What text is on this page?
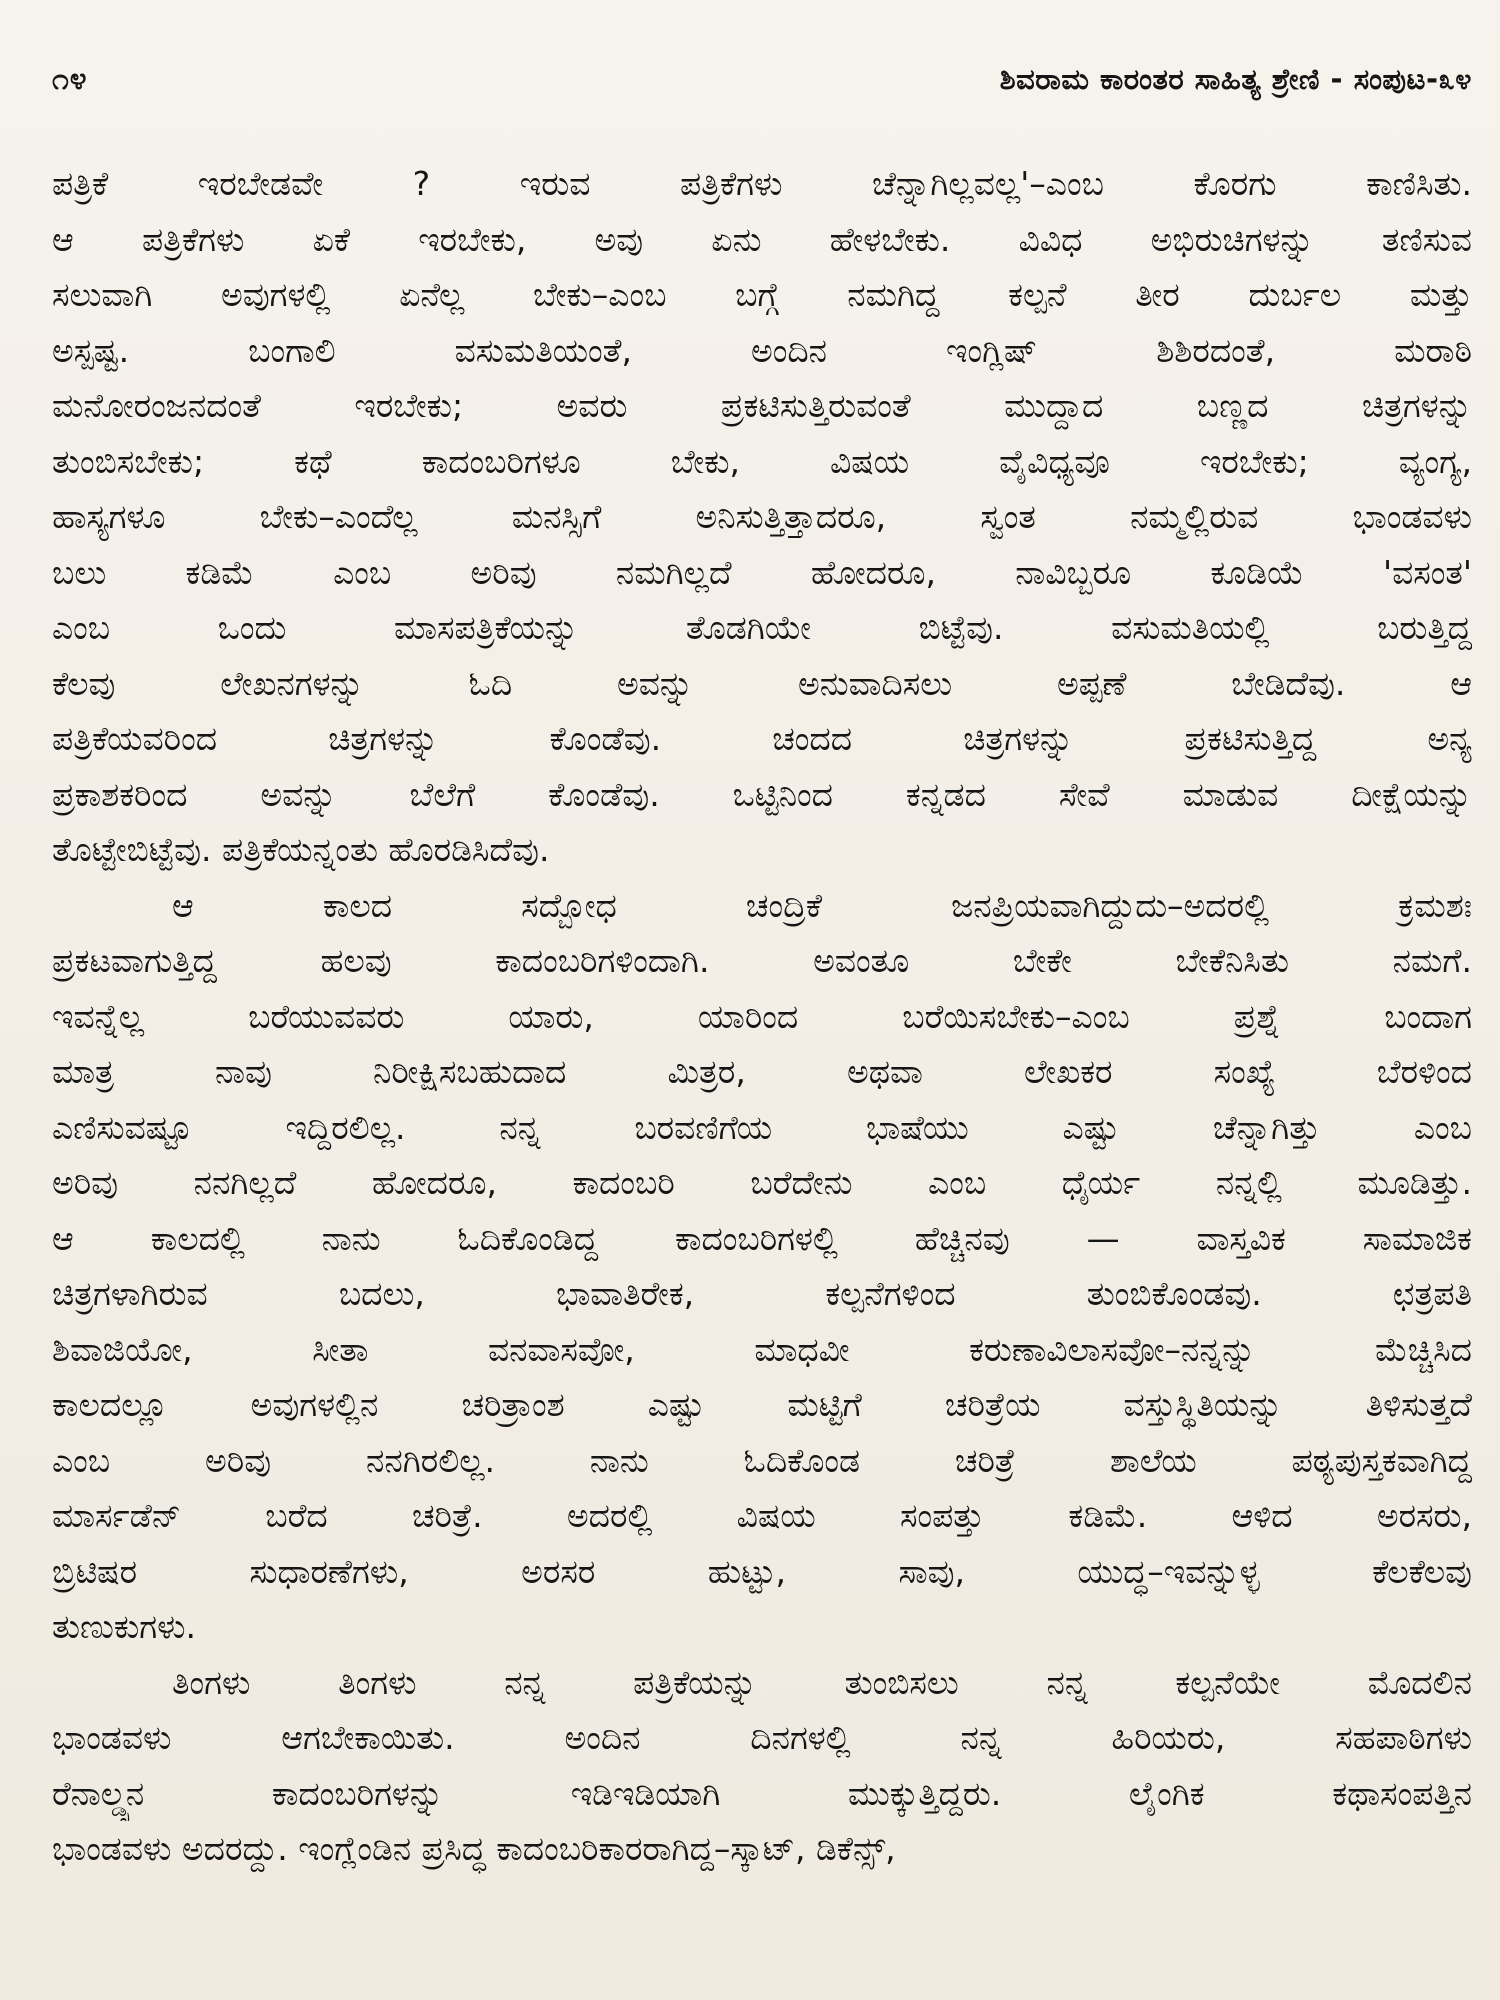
೧೪	ಶಿವರಾಮ ಕಾರಂತರ ಸಾಹಿತ್ಯ ಶ್ರೇಣಿ - ಸಂಪುಟ-೩೪
ಪತ್ರಿಕೆ ಇರಬೇಡವೇ ? ಇರುವ ಪತ್ರಿಕೆಗಳು ಚೆನ್ನಾಗಿಲ್ಲವಲ್ಲ'–ಎಂಬ ಕೊರಗು ಕಾಣಿಸಿತು.
ಆ ಪತ್ರಿಕೆಗಳು ಏಕೆ ಇರಬೇಕು, ಅವು ಏನು ಹೇಳಬೇಕು. ವಿವಿಧ ಅಭಿರುಚಿಗಳನ್ನು ತಣಿಸುವ
ಸಲುವಾಗಿ ಅವುಗಳಲ್ಲಿ ಏನೆಲ್ಲ ಬೇಕು–ಎಂಬ ಬಗ್ಗೆ ನಮಗಿದ್ದ ಕಲ್ಪನೆ ತೀರ ದುರ್ಬಲ ಮತ್ತು
ಅಸ್ಪಷ್ಟ. ಬಂಗಾಲಿ ವಸುಮತಿಯಂತೆ, ಅಂದಿನ ಇಂಗ್ಲಿಷ್ ಶಿಶಿರದಂತೆ, ಮರಾಠಿ
ಮನೋರಂಜನದಂತೆ ಇರಬೇಕು; ಅವರು ಪ್ರಕಟಿಸುತ್ತಿರುವಂತೆ ಮುದ್ದಾದ ಬಣ್ಣದ ಚಿತ್ರಗಳನ್ನು
ತುಂಬಿಸಬೇಕು; ಕಥೆ ಕಾದಂಬರಿಗಳೂ ಬೇಕು, ವಿಷಯ ವೈವಿಧ್ಯವೂ ಇರಬೇಕು; ವ್ಯಂಗ್ಯ,
ಹಾಸ್ಯಗಳೂ ಬೇಕು–ಎಂದೆಲ್ಲ ಮನಸ್ಸಿಗೆ ಅನಿಸುತ್ತಿತ್ತಾದರೂ, ಸ್ವಂತ ನಮ್ಮಲ್ಲಿರುವ ಭಾಂಡವಳು
ಬಲು ಕಡಿಮೆ ಎಂಬ ಅರಿವು ನಮಗಿಲ್ಲದೆ ಹೋದರೂ, ನಾವಿಬ್ಬರೂ ಕೂಡಿಯೆ 'ವಸಂತ'
ಎಂಬ ಒಂದು ಮಾಸಪತ್ರಿಕೆಯನ್ನು ತೊಡಗಿಯೇ ಬಿಟ್ಟೆವು. ವಸುಮತಿಯಲ್ಲಿ ಬರುತ್ತಿದ್ದ
ಕೆಲವು ಲೇಖನಗಳನ್ನು ಓದಿ ಅವನ್ನು ಅನುವಾದಿಸಲು ಅಪ್ಪಣೆ ಬೇಡಿದೆವು. ಆ
ಪತ್ರಿಕೆಯವರಿಂದ ಚಿತ್ರಗಳನ್ನು ಕೊಂಡೆವು. ಚಂದದ ಚಿತ್ರಗಳನ್ನು ಪ್ರಕಟಿಸುತ್ತಿದ್ದ ಅನ್ಯ
ಪ್ರಕಾಶಕರಿಂದ ಅವನ್ನು ಬೆಲೆಗೆ ಕೊಂಡೆವು. ಒಟ್ಟಿನಿಂದ ಕನ್ನಡದ ಸೇವೆ ಮಾಡುವ ದೀಕ್ಷೆಯನ್ನು
ತೊಟ್ಟೇಬಿಟ್ಟೆವು. ಪತ್ರಿಕೆಯನ್ನಂತು ಹೊರಡಿಸಿದೆವು.
ಆ ಕಾಲದ ಸದ್ಬೋಧ ಚಂದ್ರಿಕೆ ಜನಪ್ರಿಯವಾಗಿದ್ದುದು–ಅದರಲ್ಲಿ ಕ್ರಮಶಃ
ಪ್ರಕಟವಾಗುತ್ತಿದ್ದ ಹಲವು ಕಾದಂಬರಿಗಳಿಂದಾಗಿ. ಅವಂತೂ ಬೇಕೇ ಬೇಕೆನಿಸಿತು ನಮಗೆ.
ಇವನ್ನೆಲ್ಲ ಬರೆಯುವವರು ಯಾರು, ಯಾರಿಂದ ಬರೆಯಿಸಬೇಕು–ಎಂಬ ಪ್ರಶ್ನೆ ಬಂದಾಗ
ಮಾತ್ರ ನಾವು ನಿರೀಕ್ಷಿಸಬಹುದಾದ ಮಿತ್ರರ, ಅಥವಾ ಲೇಖಕರ ಸಂಖ್ಯೆ ಬೆರಳಿಂದ
ಎಣಿಸುವಷ್ಟೂ ಇದ್ದಿರಲಿಲ್ಲ. ನನ್ನ ಬರವಣಿಗೆಯ ಭಾಷೆಯು ಎಷ್ಟು ಚೆನ್ನಾಗಿತ್ತು ಎಂಬ
ಅರಿವು ನನಗಿಲ್ಲದೆ ಹೋದರೂ, ಕಾದಂಬರಿ ಬರೆದೇನು ಎಂಬ ಧೈರ್ಯ ನನ್ನಲ್ಲಿ ಮೂಡಿತ್ತು.
ಆ ಕಾಲದಲ್ಲಿ ನಾನು ಓದಿಕೊಂಡಿದ್ದ ಕಾದಂಬರಿಗಳಲ್ಲಿ ಹೆಚ್ಚಿನವು — ವಾಸ್ತವಿಕ ಸಾಮಾಜಿಕ
ಚಿತ್ರಗಳಾಗಿರುವ ಬದಲು, ಭಾವಾತಿರೇಕ, ಕಲ್ಪನೆಗಳಿಂದ ತುಂಬಿಕೊಂಡವು. ಛತ್ರಪತಿ
ಶಿವಾಜಿಯೋ, ಸೀತಾ ವನವಾಸವೋ, ಮಾಧವೀ ಕರುಣಾವಿಲಾಸವೋ–ನನ್ನನ್ನು ಮೆಚ್ಚಿಸಿದ
ಕಾಲದಲ್ಲೂ ಅವುಗಳಲ್ಲಿನ ಚರಿತ್ರಾಂಶ ಎಷ್ಟು ಮಟ್ಟಿಗೆ ಚರಿತ್ರೆಯ ವಸ್ತುಸ್ಥಿತಿಯನ್ನು ತಿಳಿಸುತ್ತದೆ
ಎಂಬ ಅರಿವು ನನಗಿರಲಿಲ್ಲ. ನಾನು ಓದಿಕೊಂಡ ಚರಿತ್ರೆ ಶಾಲೆಯ ಪಠ್ಯಪುಸ್ತಕವಾಗಿದ್ದ
ಮಾರ್ಸಡೆನ್ ಬರೆದ ಚರಿತ್ರೆ. ಅದರಲ್ಲಿ ವಿಷಯ ಸಂಪತ್ತು ಕಡಿಮೆ. ಆಳಿದ ಅರಸರು,
ಬ್ರಿಟಿಷರ ಸುಧಾರಣೆಗಳು, ಅರಸರ ಹುಟ್ಟು, ಸಾವು, ಯುದ್ಧ–ಇವನ್ನುಳ್ಳ ಕೆಲಕೆಲವು
ತುಣುಕುಗಳು.
ತಿಂಗಳು ತಿಂಗಳು ನನ್ನ ಪತ್ರಿಕೆಯನ್ನು ತುಂಬಿಸಲು ನನ್ನ ಕಲ್ಪನೆಯೇ ಮೊದಲಿನ
ಭಾಂಡವಳು ಆಗಬೇಕಾಯಿತು. ಅಂದಿನ ದಿನಗಳಲ್ಲಿ ನನ್ನ ಹಿರಿಯರು, ಸಹಪಾಠಿಗಳು
ರೆನಾಲ್ಡ್ಸನ ಕಾದಂಬರಿಗಳನ್ನು ಇಡಿಇಡಿಯಾಗಿ ಮುಕ್ಕುತ್ತಿದ್ದರು. ಲೈಂಗಿಕ ಕಥಾಸಂಪತ್ತಿನ
ಭಾಂಡವಳು ಅದರದ್ದು. ಇಂಗ್ಲೆಂಡಿನ ಪ್ರಸಿದ್ಧ ಕಾದಂಬರಿಕಾರರಾಗಿದ್ದ–ಸ್ಕಾಟ್, ಡಿಕೆನ್ಸ್,
